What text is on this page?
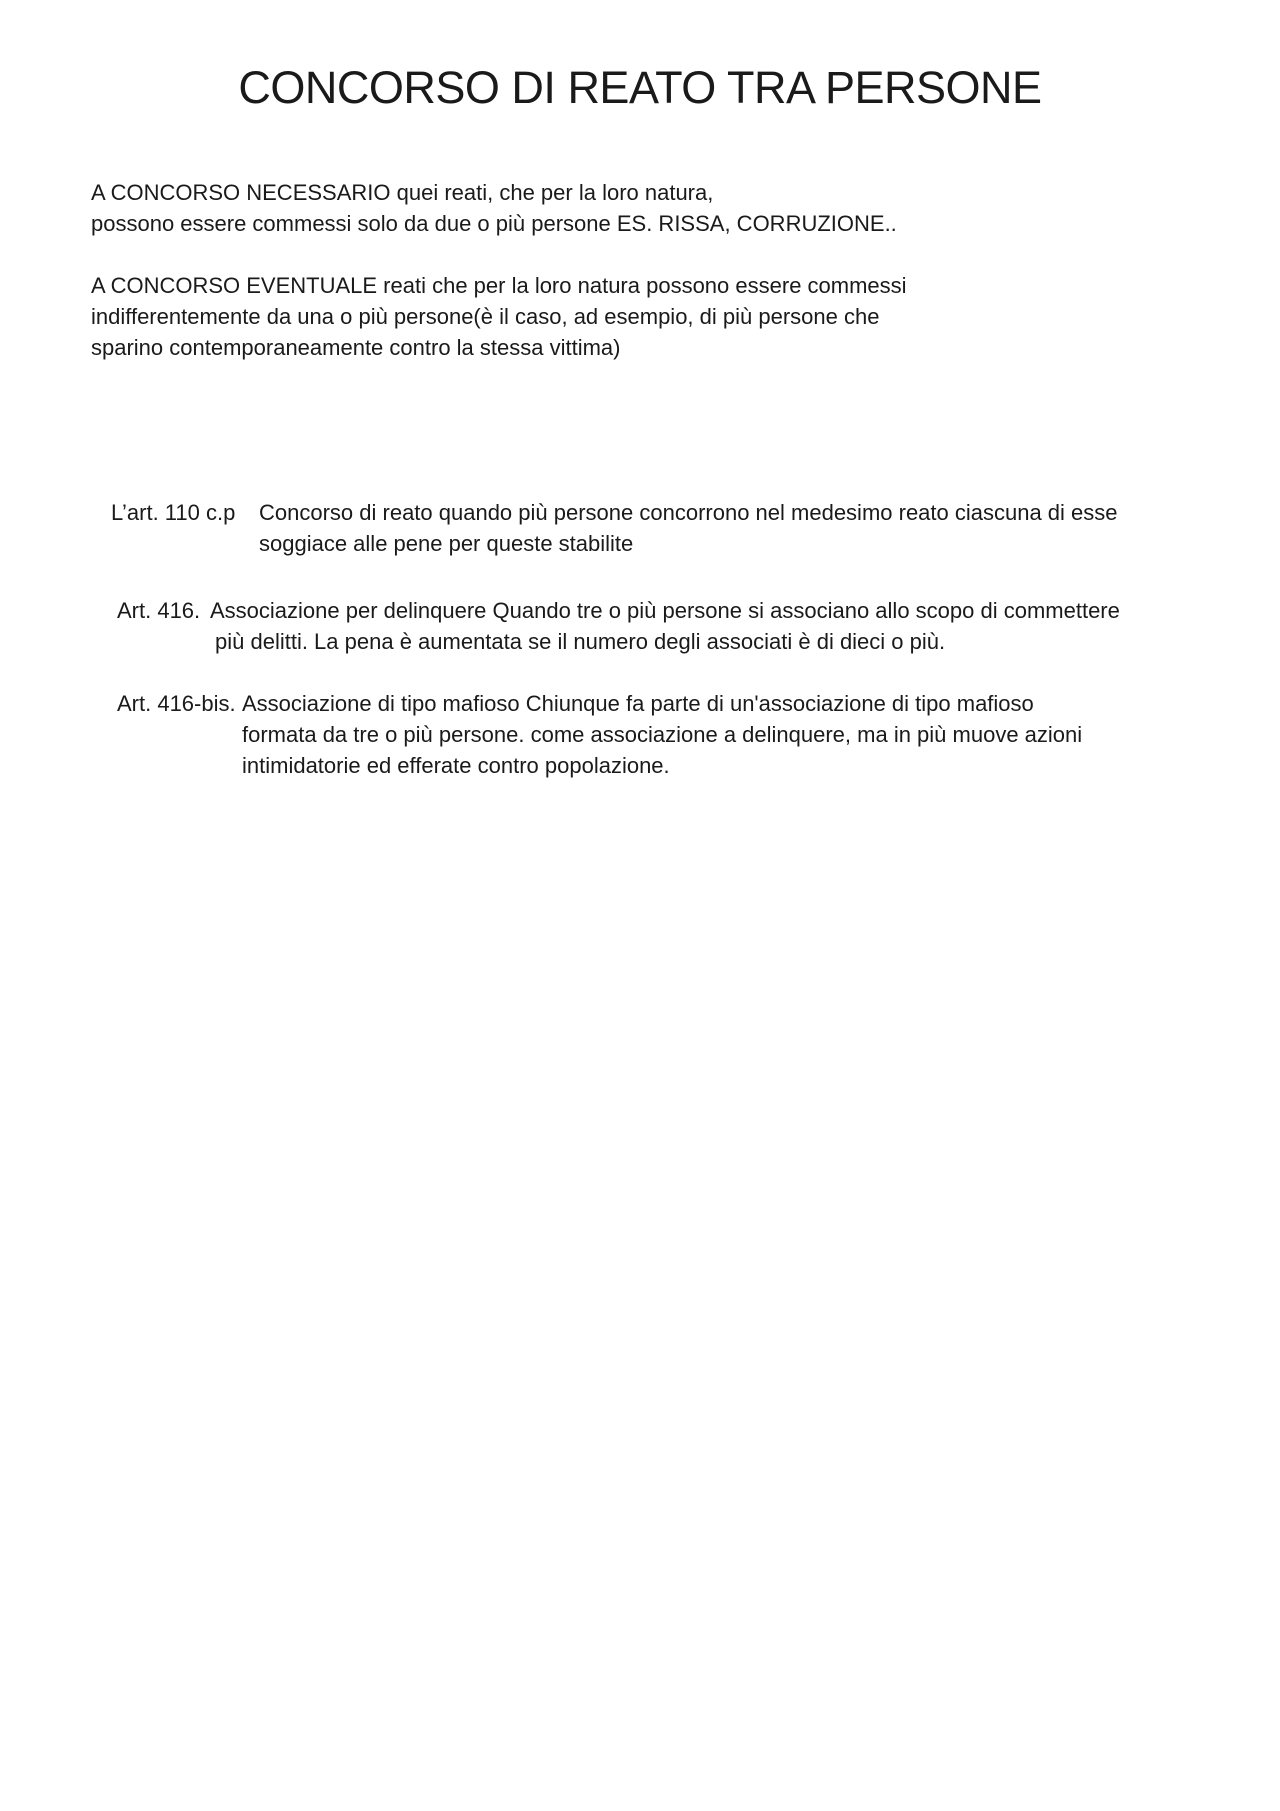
CONCORSO DI REATO TRA PERSONE

A CONCORSO NECESSARIO quei reati, che per la loro natura,
possono essere commessi solo da due o più persone ES. RISSA, CORRUZIONE..

A CONCORSO EVENTUALE reati che per la loro natura possono essere commessi
indifferentemente da una o più persone(è il caso, ad esempio, di più persone che
sparino contemporaneamente contro la stessa vittima)

L’art. 110 c.p Concorso di reato quando più persone concorrono nel medesimo reato ciascuna di esse
soggiace alle pene per queste stabilite
Art. 416. Associazione per delinquere Quando tre o più persone si associano allo scopo di commettere
più delitti. La pena è aumentata se il numero degli associati è di dieci o più.
Art. 416-bis. Associazione di tipo mafioso Chiunque fa parte di un'associazione di tipo mafioso
formata da tre o più persone. come associazione a delinquere, ma in più muove azioni
intimidatorie ed efferate contro popolazione.
